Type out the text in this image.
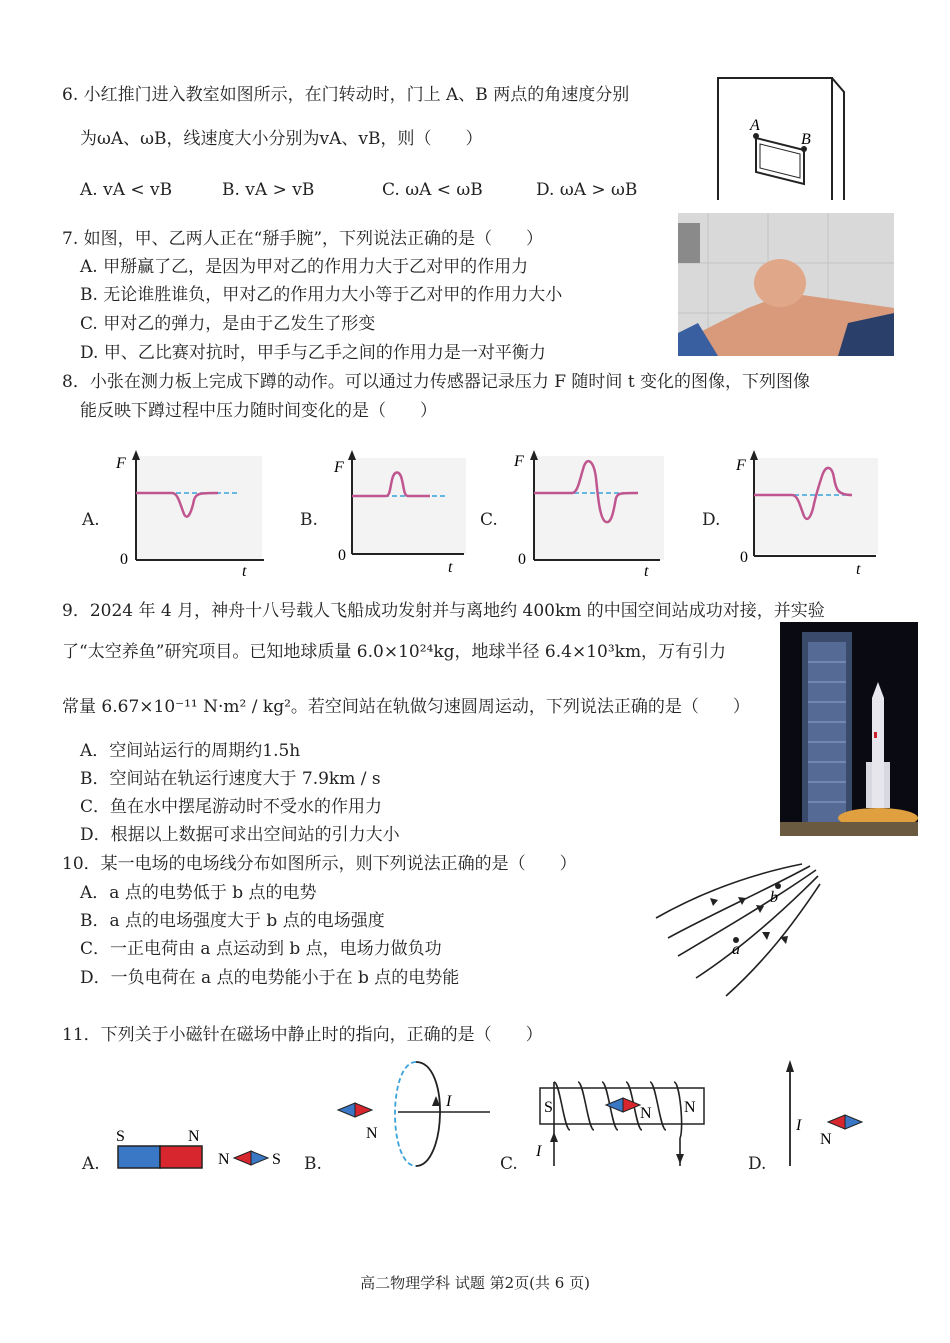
6. 小红推门进入教室如图所示，在门转动时，门上 A、B 两点的角速度分别
为ωA、ωB，线速度大小分别为vA、vB，则（　　）
A. vA < vB	B. vA > vB	C. ωA < ωB	D. ωA > ωB
A
B
7. 如图，甲、乙两人正在“掰手腕”，下列说法正确的是（　　）
A. 甲掰赢了乙，是因为甲对乙的作用力大于乙对甲的作用力
B. 无论谁胜谁负，甲对乙的作用力大小等于乙对甲的作用力大小
C. 甲对乙的弹力，是由于乙发生了形变
D. 甲、乙比赛对抗时，甲手与乙手之间的作用力是一对平衡力
8．小张在测力板上完成下蹲的动作。可以通过力传感器记录压力 F 随时间 t 变化的图像，下列图像
能反映下蹲过程中压力随时间变化的是（　　）
A.	B.	C.	D.
F
0
t
F
0
t
F
0
t
F
0
t
9．2024 年 4 月，神舟十八号载人飞船成功发射并与离地约 400km 的中国空间站成功对接，并实验
了“太空养鱼”研究项目。已知地球质量 6.0×10²⁴kg，地球半径 6.4×10³km，万有引力
常量 6.67×10⁻¹¹ N·m² / kg²。若空间站在轨做匀速圆周运动，下列说法正确的是（　　）
A．空间站运行的周期约1.5h
B．空间站在轨运行速度大于 7.9km / s
C．鱼在水中摆尾游动时不受水的作用力
D．根据以上数据可求出空间站的引力大小
10．某一电场的电场线分布如图所示，则下列说法正确的是（　　）
A．a 点的电势低于 b 点的电势
B．a 点的电场强度大于 b 点的电场强度
C．一正电荷由 a 点运动到 b 点，电场力做负功
D．一负电荷在 a 点的电势能小于在 b 点的电势能
a
b
11．下列关于小磁针在磁场中静止时的指向，正确的是（　　）
A.	B.	C.	D.
S	N
N	S
I
N
S	N
N
I
I
N
高二物理学科 试题 第2页(共 6 页)
